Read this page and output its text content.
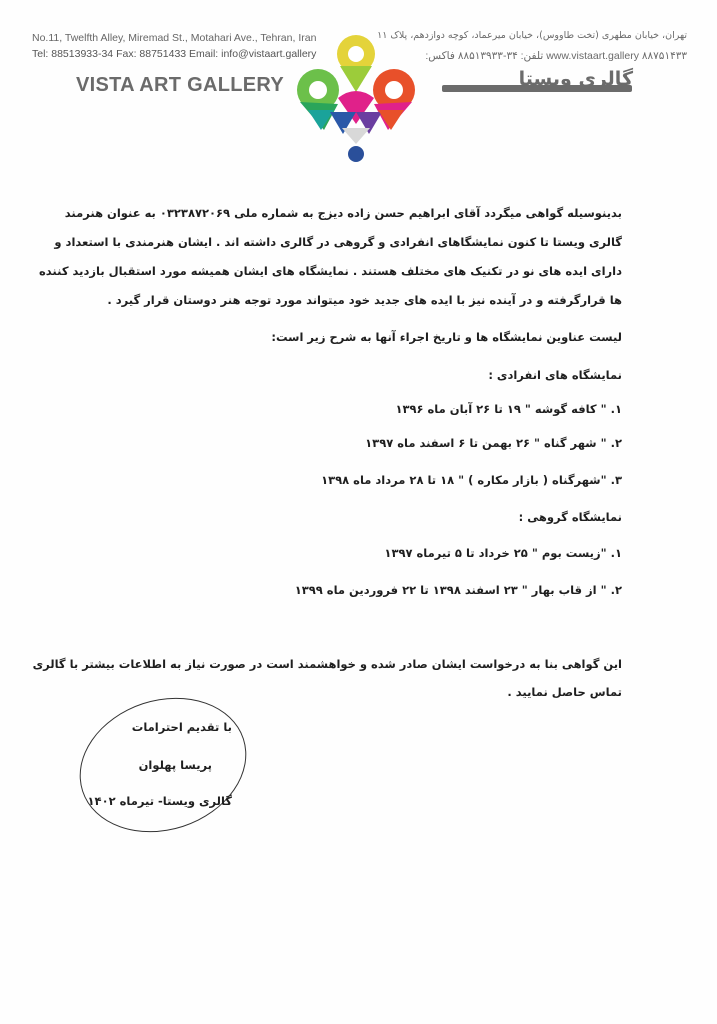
No.11, Twelfth Alley, Miremad St., Motahari Ave., Tehran, Iran
Tel: 88513933-34 Fax: 88751433 Email: info@vistaart.gallery
VISTA ART GALLERY
تهران، خیابان مطهری (تخت طاووس)، خیابان میرعماد، کوچه دوازدهم، پلاک ۱۱
www.vistaart.gallery ۸۸۷۵۱۴۳۳ تلفن: ۳۴-۸۸۵۱۳۹۳۳ فاکس:
گالری ویستا
بدینوسیله گواهی میگردد آقای ابراهیم حسن زاده دیزج به شماره ملی ۰۳۲۳۸۷۲۰۶۹ به عنوان هنرمند
گالری ویستا تا کنون نمایشگاهای انفرادی و گروهی در گالری داشته اند . ایشان هنرمندی با استعداد و
دارای ایده های نو در تکنیک های مختلف هستند . نمایشگاه های ایشان همیشه مورد استقبال بازدید کننده
ها قرارگرفته و در آینده نیز با ایده های جدید خود میتواند مورد توجه هنر دوستان قرار گیرد .
لیست عناوین نمایشگاه ها و تاریخ اجراء آنها به شرح زیر است:
نمایشگاه های انفرادی :
۱. " کافه گوشه " ۱۹ تا ۲۶ آبان ماه ۱۳۹۶
۲. " شهر گناه " ۲۶ بهمن تا ۶ اسفند ماه ۱۳۹۷
۳. "شهرگناه ( بازار مکاره ) " ۱۸ تا ۲۸ مرداد ماه ۱۳۹۸
نمایشگاه گروهی :
۱. "زیست بوم " ۲۵ خرداد تا ۵ تیرماه ۱۳۹۷
۲. " از قاب بهار " ۲۳ اسفند ۱۳۹۸ تا ۲۲ فروردین ماه ۱۳۹۹
این گواهی بنا به درخواست ایشان صادر شده و خواهشمند است در صورت نیاز به اطلاعات بیشتر با گالری
تماس حاصل نمایید .
با تقدیم احترامات
پریسا پهلوان
گالری ویستا- تیرماه ۱۴۰۲
